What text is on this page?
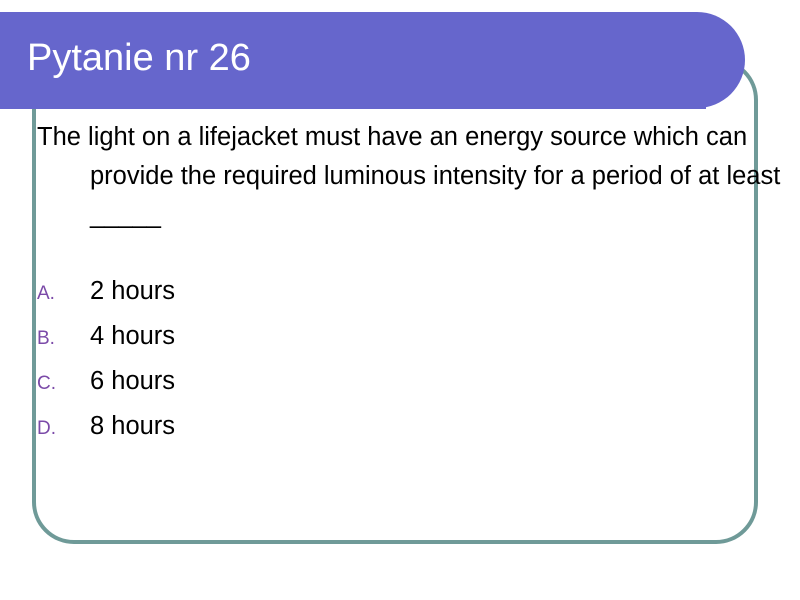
Pytanie nr 26

The light on a lifejacket must have an energy source which can provide the required luminous intensity for a period of at least _____

A.	2 hours
B.	4 hours
C.	6 hours
D.	8 hours
